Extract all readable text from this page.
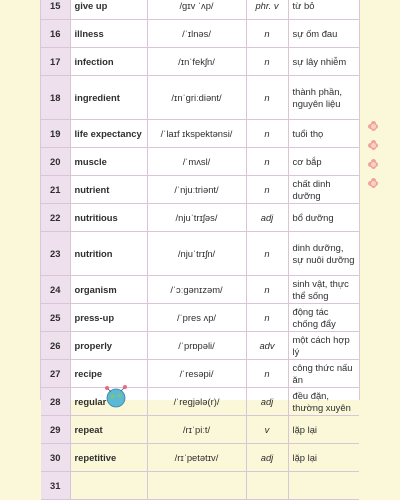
15	give up	/gɪv ˈʌp/	phr. v	từ bỏ
16	illness	/ˈɪlnəs/	n	sự ốm đau
17	infection	/ɪnˈfekʃn/	n	sự lây nhiễm
18	ingredient	/ɪnˈgriːdiənt/	n	thành phần, nguyên liệu
19	life expectancy	/ˈlaɪf ɪkspektənsi/	n	tuổi thọ
20	muscle	/ˈmʌsl/	n	cơ bắp
21	nutrient	/ˈnjuːtriənt/	n	chất dinh dưỡng
22	nutritious	/njuˈtrɪʃəs/	adj	bổ dưỡng
23	nutrition	/njuˈtrɪʃn/	n	dinh dưỡng, sự nuôi dưỡng
24	organism	/ˈɔːgənɪzəm/	n	sinh vật, thực thể sống
25	press-up	/ˈpres ʌp/	n	động tác chống đẩy
26	properly	/ˈprɒpəli/	adv	một cách hợp lý
27	recipe	/ˈresəpi/	n	công thức nấu ăn
28	regular	/ˈregjələ(r)/	adj	đều đặn, thường xuyên
29	repeat	/rɪˈpiːt/	v	lặp lại
30	repetitive	/rɪˈpetətɪv/	adj	lặp lại
31				
